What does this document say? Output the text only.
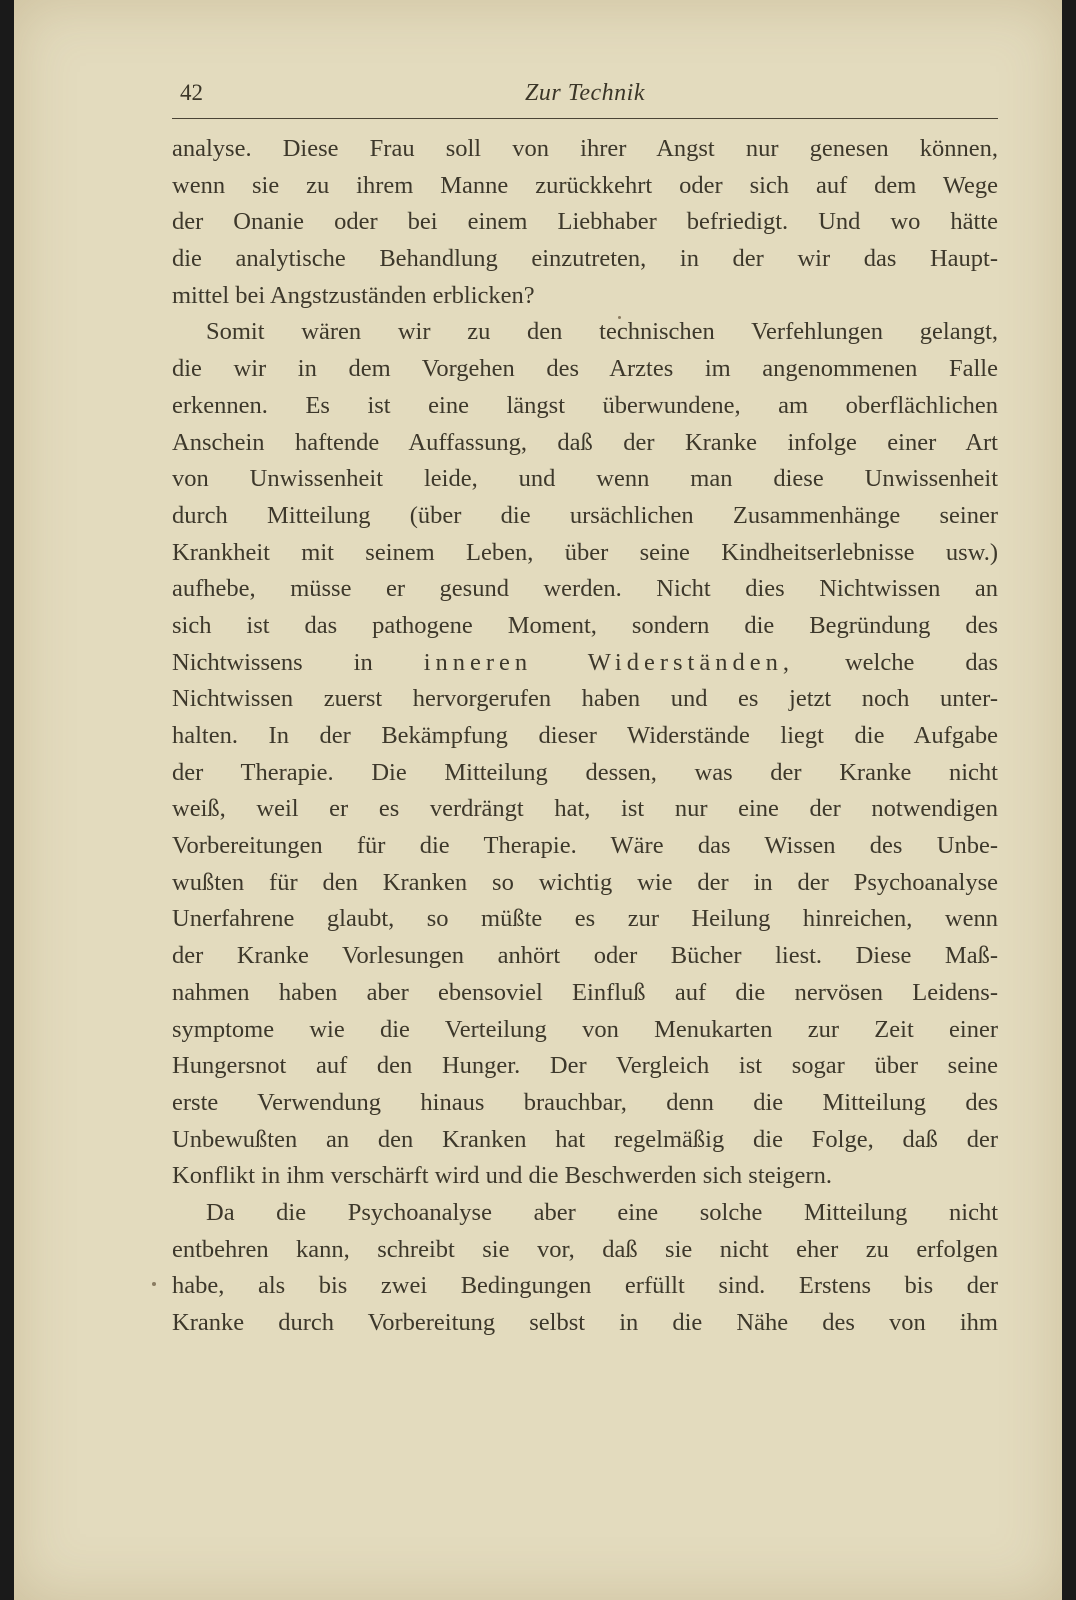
42	Zur Technik
analyse. Diese Frau soll von ihrer Angst nur genesen können,
wenn sie zu ihrem Manne zurückkehrt oder sich auf dem Wege
der Onanie oder bei einem Liebhaber befriedigt. Und wo hätte
die analytische Behandlung einzutreten, in der wir das Haupt-
mittel bei Angstzuständen erblicken?
Somit wären wir zu den technischen Verfehlungen gelangt,
die wir in dem Vorgehen des Arztes im angenommenen Falle
erkennen. Es ist eine längst überwundene, am oberflächlichen
Anschein haftende Auffassung, daß der Kranke infolge einer Art
von Unwissenheit leide, und wenn man diese Unwissenheit
durch Mitteilung (über die ursächlichen Zusammenhänge seiner
Krankheit mit seinem Leben, über seine Kindheitserlebnisse usw.)
aufhebe, müsse er gesund werden. Nicht dies Nichtwissen an
sich ist das pathogene Moment, sondern die Begründung des
Nichtwissens in inneren Widerständen, welche das
Nichtwissen zuerst hervorgerufen haben und es jetzt noch unter-
halten. In der Bekämpfung dieser Widerstände liegt die Aufgabe
der Therapie. Die Mitteilung dessen, was der Kranke nicht
weiß, weil er es verdrängt hat, ist nur eine der notwendigen
Vorbereitungen für die Therapie. Wäre das Wissen des Unbe-
wußten für den Kranken so wichtig wie der in der Psychoanalyse
Unerfahrene glaubt, so müßte es zur Heilung hinreichen, wenn
der Kranke Vorlesungen anhört oder Bücher liest. Diese Maß-
nahmen haben aber ebensoviel Einfluß auf die nervösen Leidens-
symptome wie die Verteilung von Menukarten zur Zeit einer
Hungersnot auf den Hunger. Der Vergleich ist sogar über seine
erste Verwendung hinaus brauchbar, denn die Mitteilung des
Unbewußten an den Kranken hat regelmäßig die Folge, daß der
Konflikt in ihm verschärft wird und die Beschwerden sich steigern.
Da die Psychoanalyse aber eine solche Mitteilung nicht
entbehren kann, schreibt sie vor, daß sie nicht eher zu erfolgen
habe, als bis zwei Bedingungen erfüllt sind. Erstens bis der
Kranke durch Vorbereitung selbst in die Nähe des von ihm
